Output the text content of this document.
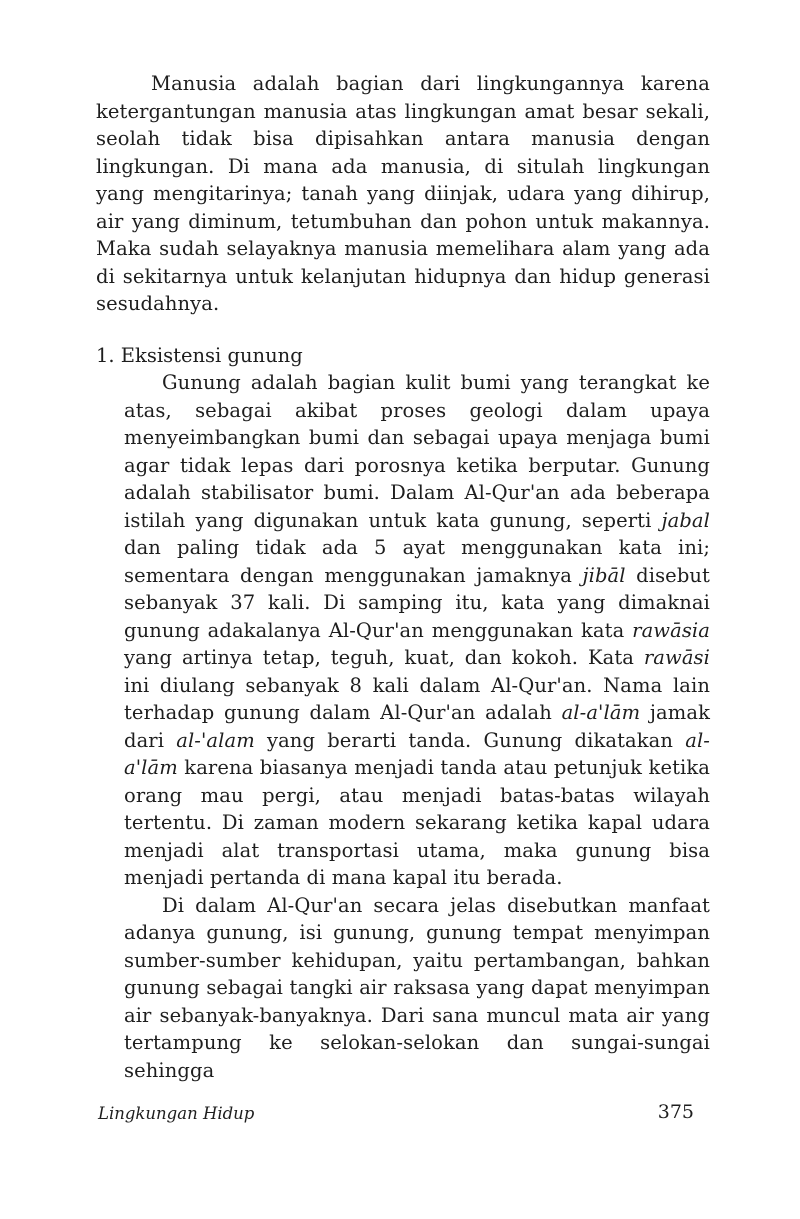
Manusia adalah bagian dari lingkungannya karena ketergantungan manusia atas lingkungan amat besar sekali, seolah tidak bisa dipisahkan antara manusia dengan lingkungan. Di mana ada manusia, di situlah lingkungan yang mengitarinya; tanah yang diinjak, udara yang dihirup, air yang diminum, tetumbuhan dan pohon untuk makannya. Maka sudah selayaknya manusia memelihara alam yang ada di sekitarnya untuk kelanjutan hidupnya dan hidup generasi sesudahnya.

1. Eksistensi gunung

Gunung adalah bagian kulit bumi yang terangkat ke atas, sebagai akibat proses geologi dalam upaya menyeimbangkan bumi dan sebagai upaya menjaga bumi agar tidak lepas dari porosnya ketika berputar. Gunung adalah stabilisator bumi. Dalam Al-Qur'an ada beberapa istilah yang digunakan untuk kata gunung, seperti jabal dan paling tidak ada 5 ayat menggunakan kata ini; sementara dengan menggunakan jamaknya jibāl disebut sebanyak 37 kali. Di samping itu, kata yang dimaknai gunung adakalanya Al-Qur'an menggunakan kata rawāsia yang artinya tetap, teguh, kuat, dan kokoh. Kata rawāsi ini diulang sebanyak 8 kali dalam Al-Qur'an. Nama lain terhadap gunung dalam Al-Qur'an adalah al-a'lām jamak dari al-'alam yang berarti tanda. Gunung dikatakan al-a'lām karena biasanya menjadi tanda atau petunjuk ketika orang mau pergi, atau menjadi batas-batas wilayah tertentu. Di zaman modern sekarang ketika kapal udara menjadi alat transportasi utama, maka gunung bisa menjadi pertanda di mana kapal itu berada.

Di dalam Al-Qur'an secara jelas disebutkan manfaat adanya gunung, isi gunung, gunung tempat menyimpan sumber-sumber kehidupan, yaitu pertambangan, bahkan gunung sebagai tangki air raksasa yang dapat menyimpan air sebanyak-banyaknya. Dari sana muncul mata air yang tertampung ke selokan-selokan dan sungai-sungai sehingga

Lingkungan Hidup	375
